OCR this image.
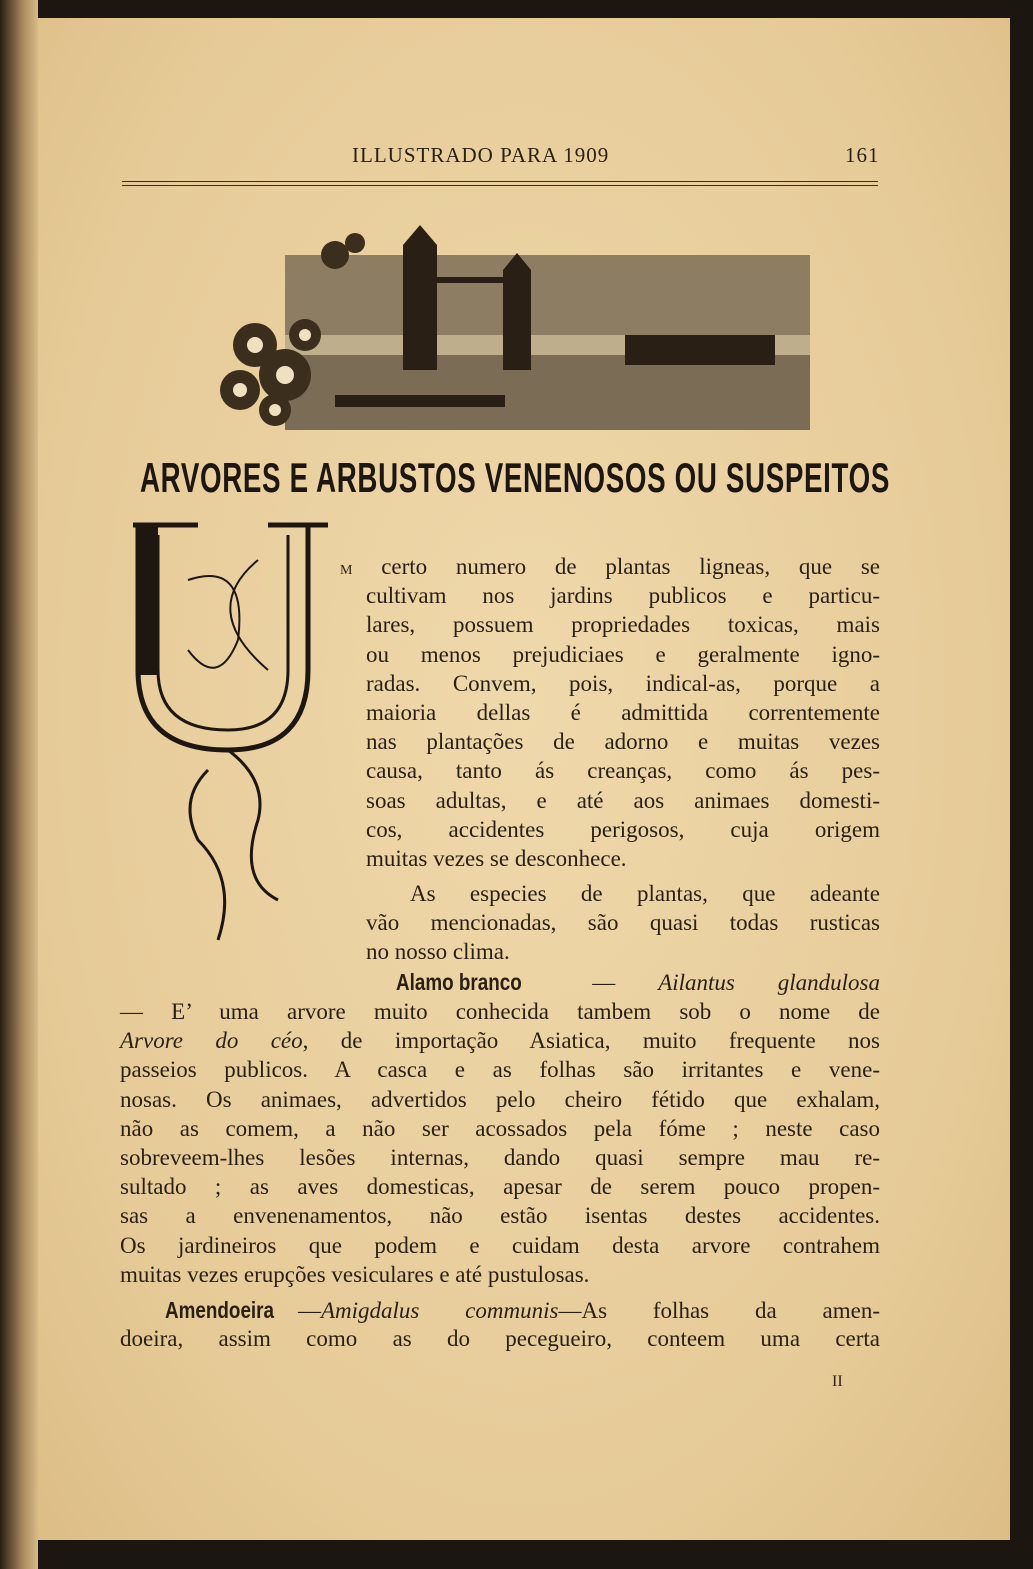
ILLUSTRADO PARA 1909	161
ARVORES E ARBUSTOS VENENOSOS OU SUSPEITOS
U
M certo numero de plantas ligneas, que se
cultivam nos jardins publicos e particu-
lares, possuem propriedades toxicas, mais
ou menos prejudiciaes e geralmente igno-
radas. Convem, pois, indical-as, porque a
maioria dellas é admittida correntemente
nas plantações de adorno e muitas vezes
causa, tanto ás creanças, como ás pes-
soas adultas, e até aos animaes domesti-
cos, accidentes perigosos, cuja origem
muitas vezes se desconhece.
As especies de plantas, que adeante
vão mencionadas, são quasi todas rusticas
no nosso clima.
Alamo branco — Ailantus glandulosa
— E’ uma arvore muito conhecida tambem sob o nome de
Arvore do céo, de importação Asiatica, muito frequente nos
passeios publicos. A casca e as folhas são irritantes e vene-
nosas. Os animaes, advertidos pelo cheiro fétido que exhalam,
não as comem, a não ser acossados pela fóme ; neste caso
sobreveem-lhes lesões internas, dando quasi sempre mau re-
sultado ; as aves domesticas, apesar de serem pouco propen-
sas a envenenamentos, não estão isentas destes accidentes.
Os jardineiros que podem e cuidam desta arvore contrahem
muitas vezes erupções vesiculares e até pustulosas.
Amendoeira —Amigdalus communis—As folhas da amen-
doeira, assim como as do pecegueiro, conteem uma certa
II
